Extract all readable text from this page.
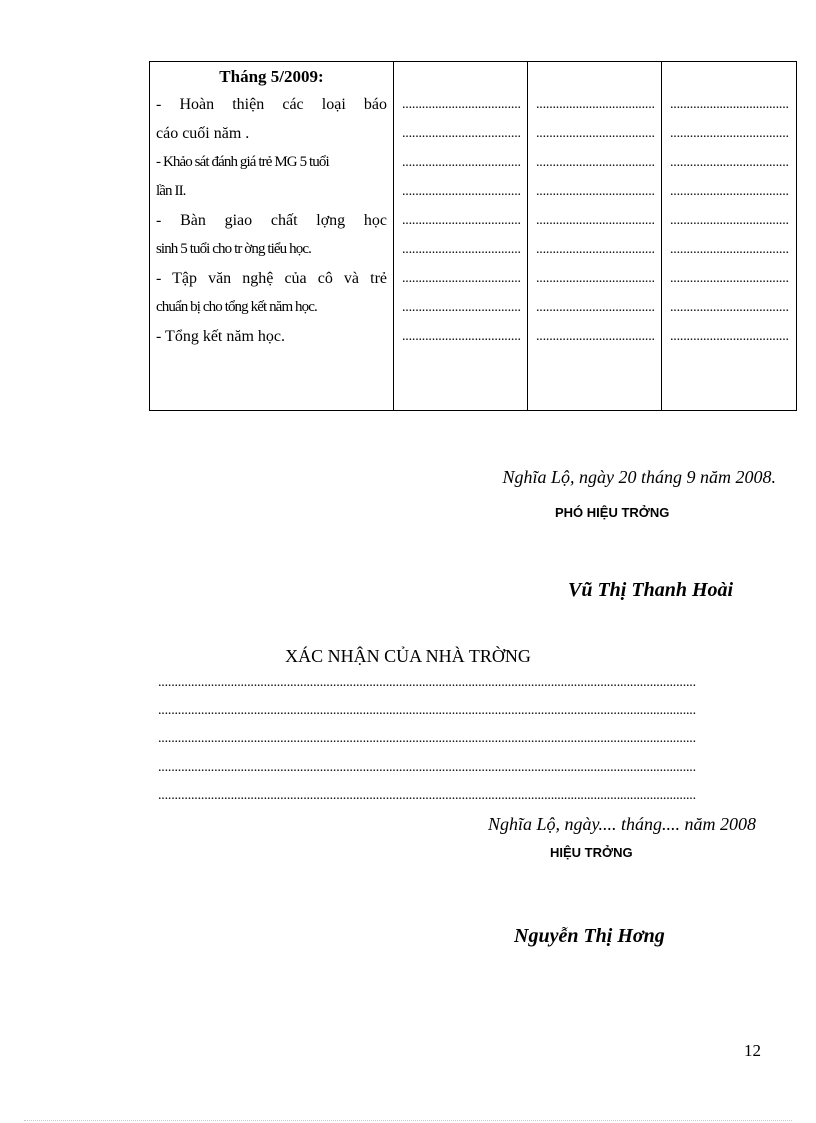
Tháng 5/2009:
- Hoàn thiện các loại báo
cáo cuối năm .
- Khảo sát đánh giá trẻ MG 5 tuổi
lần II.
- Bàn giao chất lợng học
sinh 5 tuổi cho tr ờng tiểu học.
- Tập văn nghệ của cô và trẻ
chuẩn bị cho tổng kết năm học.
- Tổng kết năm học.
....................................
....................................
....................................
....................................
....................................
....................................
....................................
....................................
....................................
....................................
....................................
....................................
....................................
....................................
....................................
....................................
....................................
....................................
....................................
....................................
....................................
....................................
....................................
....................................
....................................
....................................
....................................
Nghĩa Lộ, ngày 20 tháng 9 năm 2008.
PHÓ HIỆU TRỞNG
Vũ Thị Thanh Hoài
XÁC NHẬN CỦA NHÀ TRỜNG
...................................................................................................................................................................
...................................................................................................................................................................
...................................................................................................................................................................
...................................................................................................................................................................
...................................................................................................................................................................
Nghĩa Lộ, ngày.... tháng.... năm 2008
HIỆU TRỞNG
Nguyễn Thị Hơng
12
